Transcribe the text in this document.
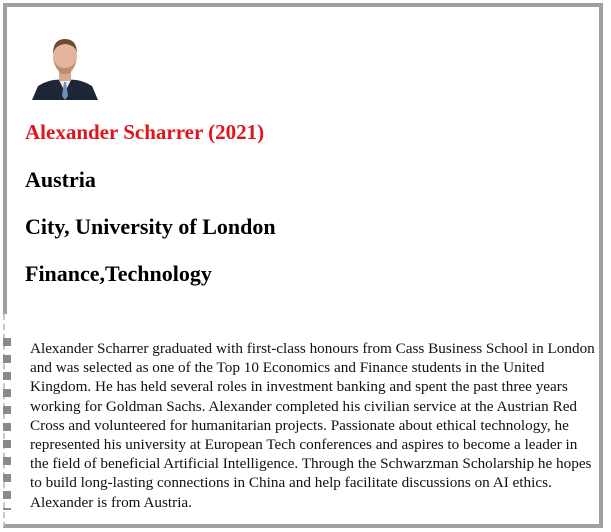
Alexander Scharrer (2021)
Austria
City, University of London
Finance,Technology

Alexander Scharrer graduated with first-class honours from Cass Business School in London and was selected as one of the Top 10 Economics and Finance students in the United Kingdom. He has held several roles in investment banking and spent the past three years working for Goldman Sachs. Alexander completed his civilian service at the Austrian Red Cross and volunteered for humanitarian projects. Passionate about ethical technology, he represented his university at European Tech conferences and aspires to become a leader in the field of beneficial Artificial Intelligence. Through the Schwarzman Scholarship he hopes to build long-lasting connections in China and help facilitate discussions on AI ethics. Alexander is from Austria.
